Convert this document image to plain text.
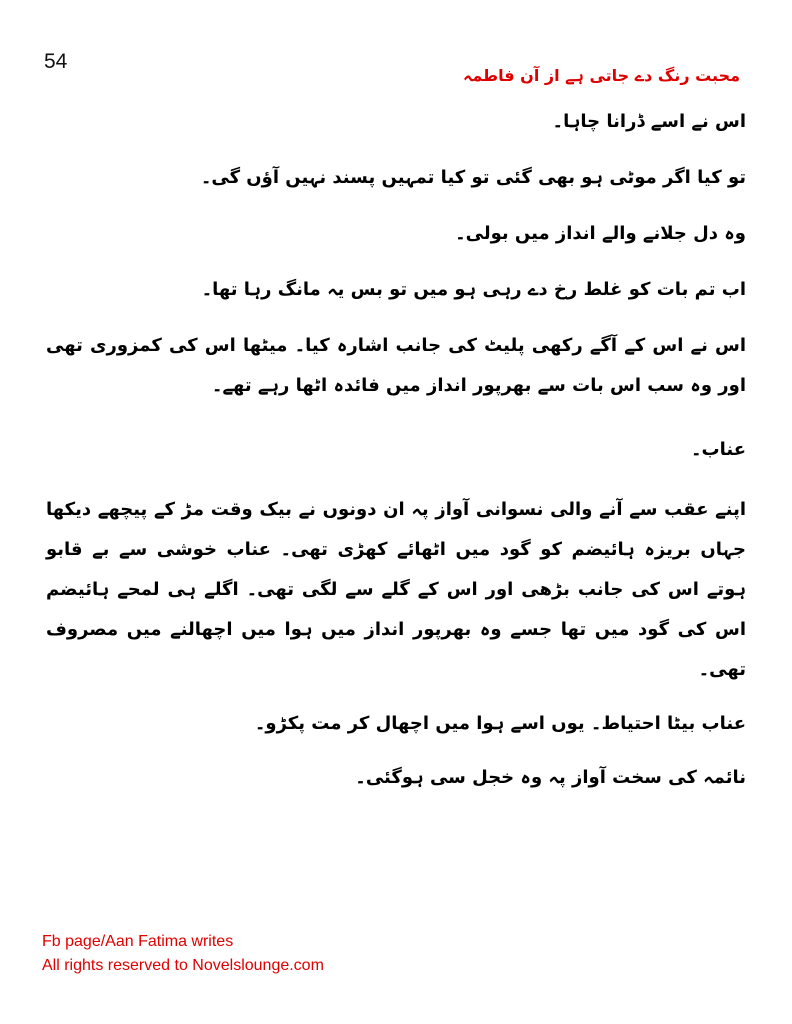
54
محبت رنگ دے جاتی ہے از آن فاطمہ

اس نے اسے ڈرانا چاہا۔

تو کیا اگر موٹی ہو بھی گئی تو کیا تمہیں پسند نہیں آؤں گی۔

وہ دل جلانے والے انداز میں بولی۔

اب تم بات کو غلط رخ دے رہی ہو میں تو بس یہ مانگ رہا تھا۔

اس نے اس کے آگے رکھی پلیٹ کی جانب اشارہ کیا۔ میٹھا اس کی کمزوری تھی اور وہ سب اس بات سے بھرپور انداز میں فائدہ اٹھا رہے تھے۔

عناب۔

اپنے عقب سے آنے والی نسوانی آواز پہ ان دونوں نے بیک وقت مڑ کے پیچھے دیکھا جہاں بریزہ ہائیضم کو گود میں اٹھائے کھڑی تھی۔ عناب خوشی سے بے قابو ہوتے اس کی جانب بڑھی اور اس کے گلے سے لگی تھی۔ اگلے ہی لمحے ہائیضم اس کی گود میں تھا جسے وہ بھرپور انداز میں ہوا میں اچھالنے میں مصروف تھی۔

عناب بیٹا احتیاط۔ یوں اسے ہوا میں اچھال کر مت پکڑو۔

نائمہ کی سخت آواز پہ وہ خجل سی ہوگئی۔

Fb page/Aan Fatima writes
All rights reserved to Novelslounge.com
